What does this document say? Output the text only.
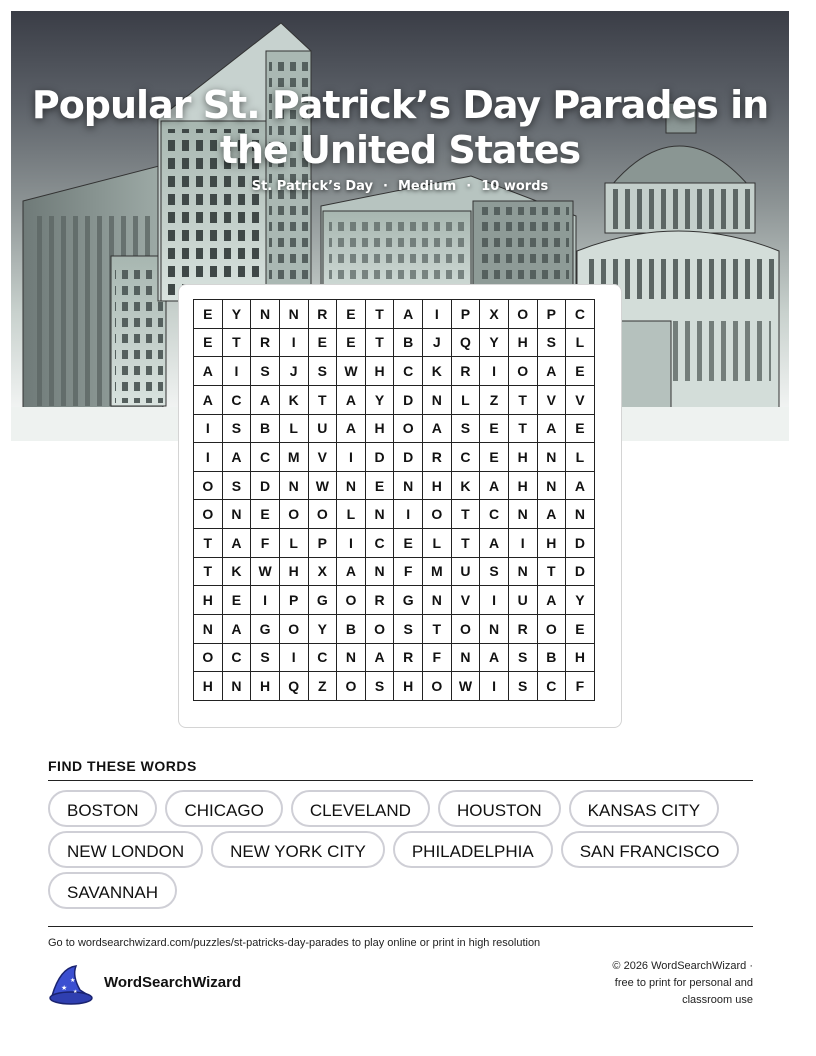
Popular St. Patrick’s Day Parades in the United States
St. Patrick’s Day · Medium · 10 words
E	Y	N	N	R	E	T	A	I	P	X	O	P	C
E	T	R	I	E	E	T	B	J	Q	Y	H	S	L
A	I	S	J	S	W	H	C	K	R	I	O	A	E
A	C	A	K	T	A	Y	D	N	L	Z	T	V	V
I	S	B	L	U	A	H	O	A	S	E	T	A	E
I	A	C	M	V	I	D	D	R	C	E	H	N	L
O	S	D	N	W	N	E	N	H	K	A	H	N	A
O	N	E	O	O	L	N	I	O	T	C	N	A	N
T	A	F	L	P	I	C	E	L	T	A	I	H	D
T	K	W	H	X	A	N	F	M	U	S	N	T	D
H	E	I	P	G	O	R	G	N	V	I	U	A	Y
N	A	G	O	Y	B	O	S	T	O	N	R	O	E
O	C	S	I	C	N	A	R	F	N	A	S	B	H
H	N	H	Q	Z	O	S	H	O	W	I	S	C	F
FIND THESE WORDS
BOSTON	CHICAGO	CLEVELAND	HOUSTON	KANSAS CITYNEW LONDON	NEW YORK CITY	PHILADELPHIA	SAN FRANCISCOSAVANNAH
Go to wordsearchwizard.com/puzzles/st-patricks-day-parades to play online or print in high resolution
★
★
★
WordSearchWizard
© 2026 WordSearchWizard ·
free to print for personal and
classroom use
